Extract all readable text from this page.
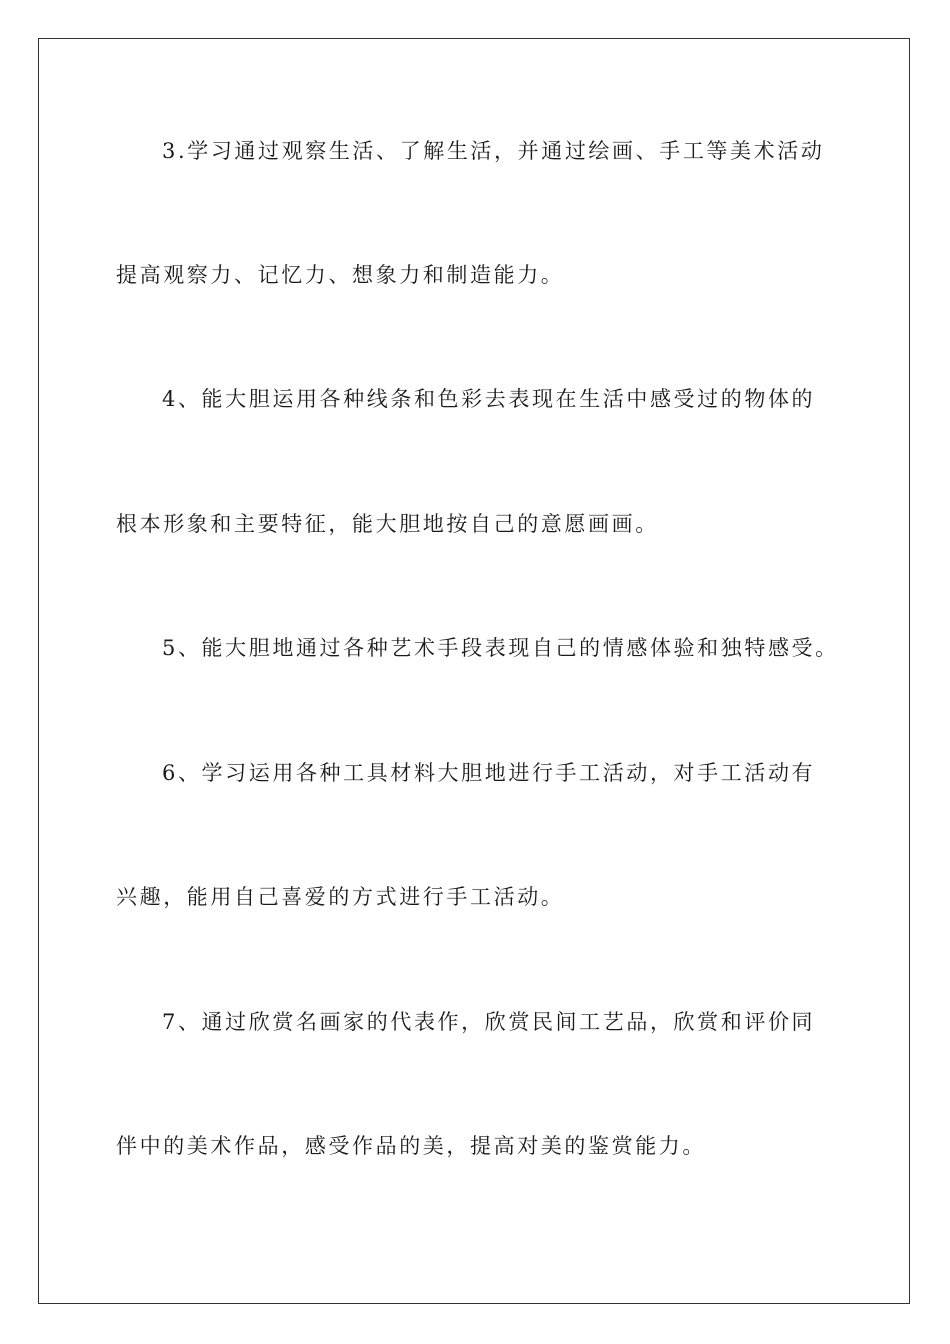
3.学习通过观察生活、了解生活，并通过绘画、手工等美术活动
提高观察力、记忆力、想象力和制造能力。
4、能大胆运用各种线条和色彩去表现在生活中感受过的物体的
根本形象和主要特征，能大胆地按自己的意愿画画。
5、能大胆地通过各种艺术手段表现自己的情感体验和独特感受。
6、学习运用各种工具材料大胆地进行手工活动，对手工活动有
兴趣，能用自己喜爱的方式进行手工活动。
7、通过欣赏名画家的代表作，欣赏民间工艺品，欣赏和评价同
伴中的美术作品，感受作品的美，提高对美的鉴赏能力。
